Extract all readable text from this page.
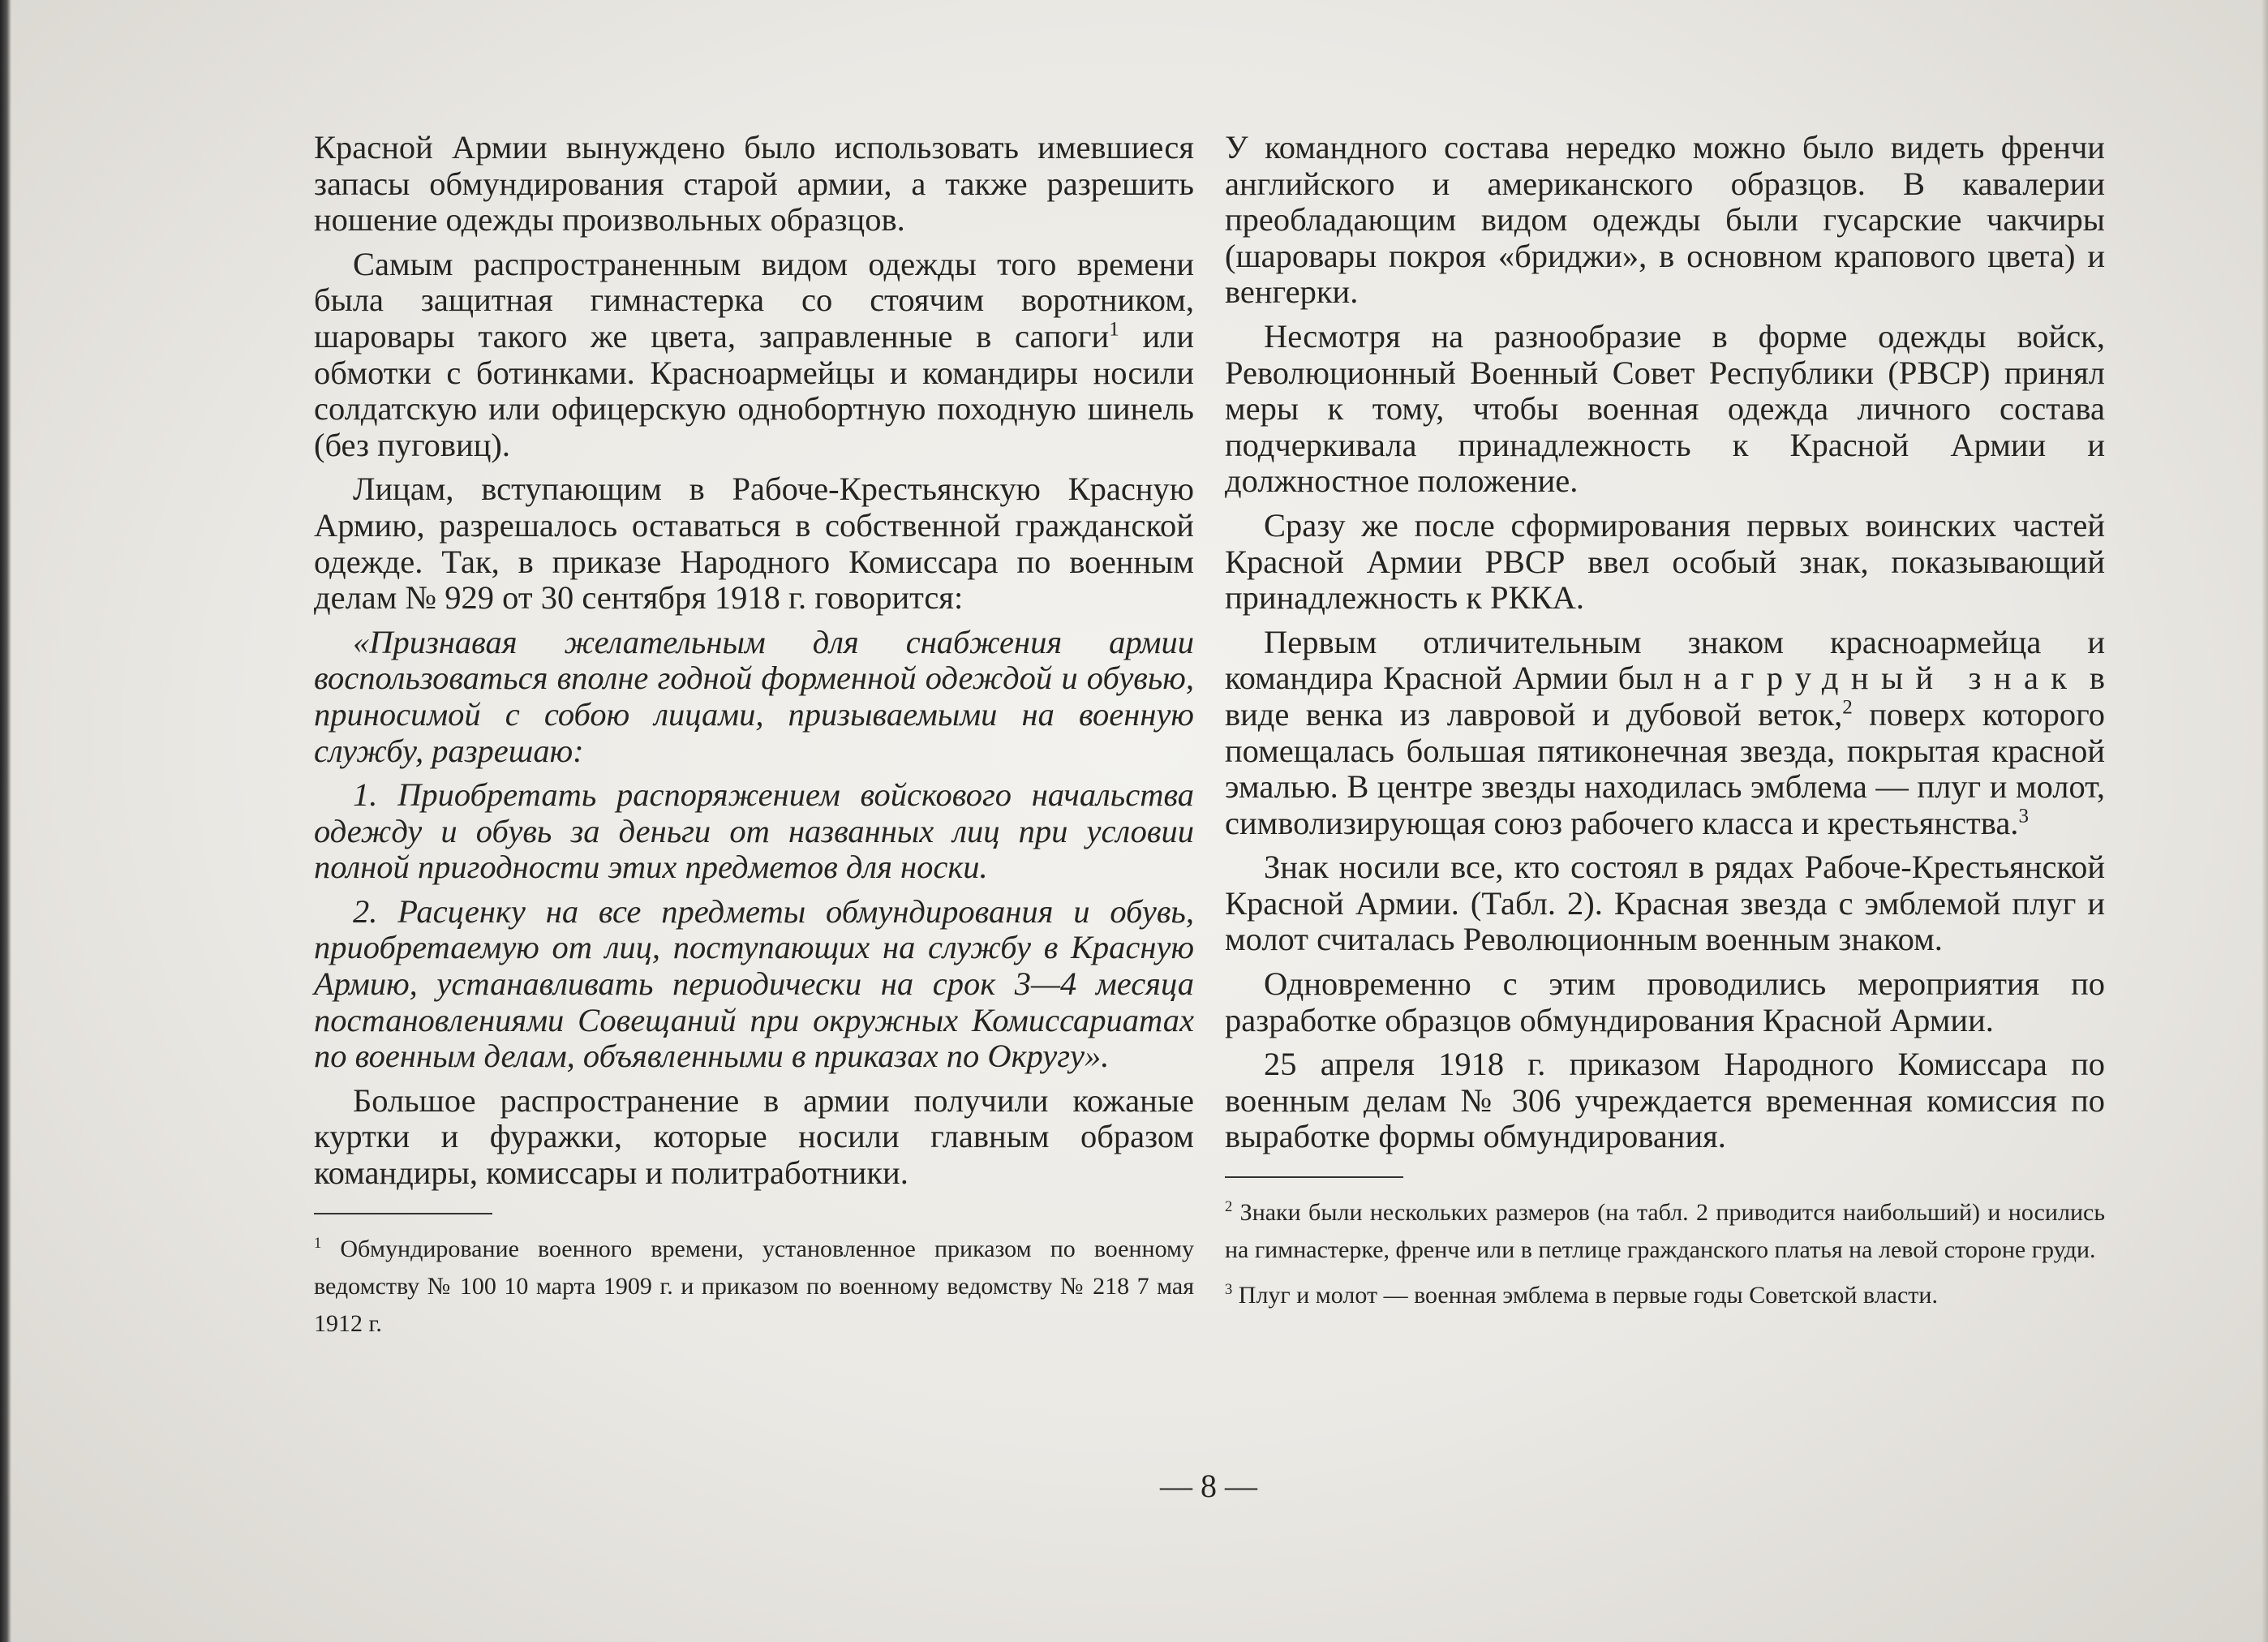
Красной Армии вынуждено было использовать имевшиеся запасы обмундирования старой армии, а также разрешить ношение одежды произвольных образцов.

Самым распространенным видом одежды того времени была защитная гимнастерка со стоячим воротником, шаровары такого же цвета, заправленные в сапоги$^1$ или обмотки с ботинками. Красноармейцы и командиры носили солдатскую или офицерскую однобортную походную шинель (без пуговиц).

Лицам, вступающим в Рабоче-Крестьянскую Красную Армию, разрешалось оставаться в собственной гражданской одежде. Так, в приказе Народного Комиссара по военным делам № 929 от 30 сентября 1918 г. говорится:

«Признавая желательным для снабжения армии воспользоваться вполне годной форменной одеждой и обувью, приносимой с собою лицами, призываемыми на военную службу, разрешаю:

1. Приобретать распоряжением войскового начальства одежду и обувь за деньги от названных лиц при условии полной пригодности этих предметов для носки.

2. Расценку на все предметы обмундирования и обувь, приобретаемую от лиц, поступающих на службу в Красную Армию, устанавливать периодически на срок 3—4 месяца постановлениями Совещаний при окружных Комиссариатах по военным делам, объявленными в приказах по Округу».

Большое распространение в армии получили кожаные куртки и фуражки, которые носили главным образом командиры, комиссары и политработники.

$^1$ Обмундирование военного времени, установленное приказом по военному ведомству № 100 10 марта 1909 г. и приказом по военному ведомству № 218 7 мая 1912 г.

У командного состава нередко можно было видеть френчи английского и американского образцов. В кавалерии преобладающим видом одежды были гусарские чакчиры (шаровары покроя «бриджи», в основном крапового цвета) и венгерки.

Несмотря на разнообразие в форме одежды войск, Революционный Военный Совет Республики (РВСР) принял меры к тому, чтобы военная одежда личного состава подчеркивала принадлежность к Красной Армии и должностное положение.

Сразу же после сформирования первых воинских частей Красной Армии РВСР ввел особый знак, показывающий принадлежность к РККА.

Первым отличительным знаком красноармейца и командира Красной Армии был нагрудный знак в виде венка из лавровой и дубовой веток,$^2$ поверх которого помещалась большая пятиконечная звезда, покрытая красной эмалью. В центре звезды находилась эмблема — плуг и молот, символизирующая союз рабочего класса и крестьянства.$^3$

Знак носили все, кто состоял в рядах Рабоче-Крестьянской Красной Армии. (Табл. 2). Красная звезда с эмблемой плуг и молот считалась Революционным военным знаком.

Одновременно с этим проводились мероприятия по разработке образцов обмундирования Красной Армии.

25 апреля 1918 г. приказом Народного Комиссара по военным делам № 306 учреждается временная комиссия по выработке формы обмундирования.

$^2$ Знаки были нескольких размеров (на табл. 2 приводится наибольший) и носились на гимнастерке, френче или в петлице гражданского платья на левой стороне груди.

$^3$ Плуг и молот — военная эмблема в первые годы Советской власти.

— 8 —
